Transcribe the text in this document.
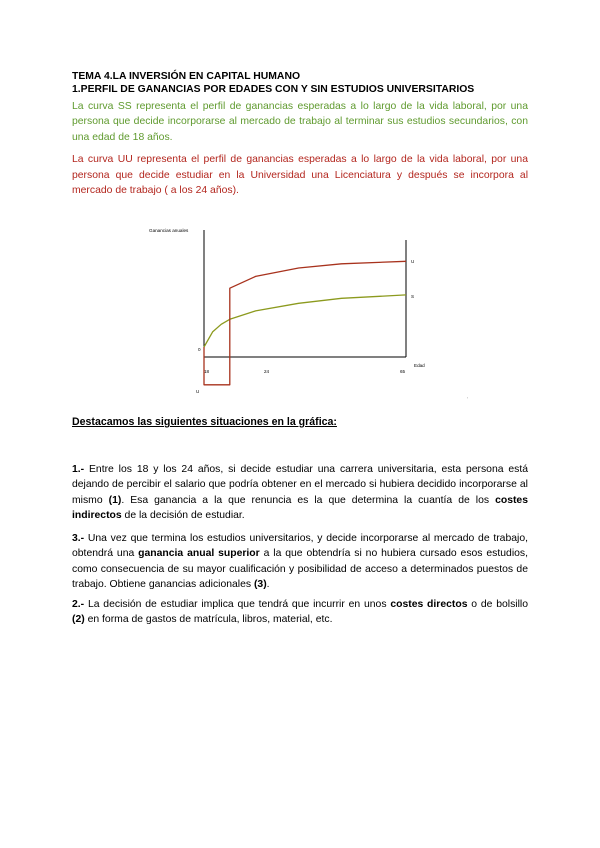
TEMA 4.LA INVERSIÓN EN CAPITAL HUMANO

1.PERFIL DE GANANCIAS POR EDADES CON Y SIN ESTUDIOS UNIVERSITARIOS

La curva SS representa el perfil de ganancias esperadas a lo largo de la vida laboral, por una persona que decide incorporarse al mercado de trabajo al terminar sus estudios secundarios, con una edad de 18 años.

La curva UU representa el perfil de ganancias esperadas a lo largo de la vida laboral, por una persona que decide estudiar en la Universidad una Licenciatura y después se incorpora al mercado de trabajo ( a los 24 años).

Ganancias anuales
Edad
0
18	24	65
U
S
U
'

Destacamos las siguientes situaciones en la gráfica:

1.- Entre los 18 y los 24 años, si decide estudiar una carrera universitaria, esta persona está dejando de percibir el salario que podría obtener en el mercado si hubiera decidido incorporarse al mismo (1). Esa ganancia a la que renuncia es la que determina la cuantía de los costes indirectos de la decisión de estudiar.

3.- Una vez que termina los estudios universitarios, y decide incorporarse al mercado de trabajo, obtendrá una ganancia anual superior a la que obtendría si no hubiera cursado esos estudios, como consecuencia de su mayor cualificación y posibilidad de acceso a determinados puestos de trabajo. Obtiene ganancias adicionales (3).

2.- La decisión de estudiar implica que tendrá que incurrir en unos costes directos o de bolsillo (2) en forma de gastos de matrícula, libros, material, etc.
